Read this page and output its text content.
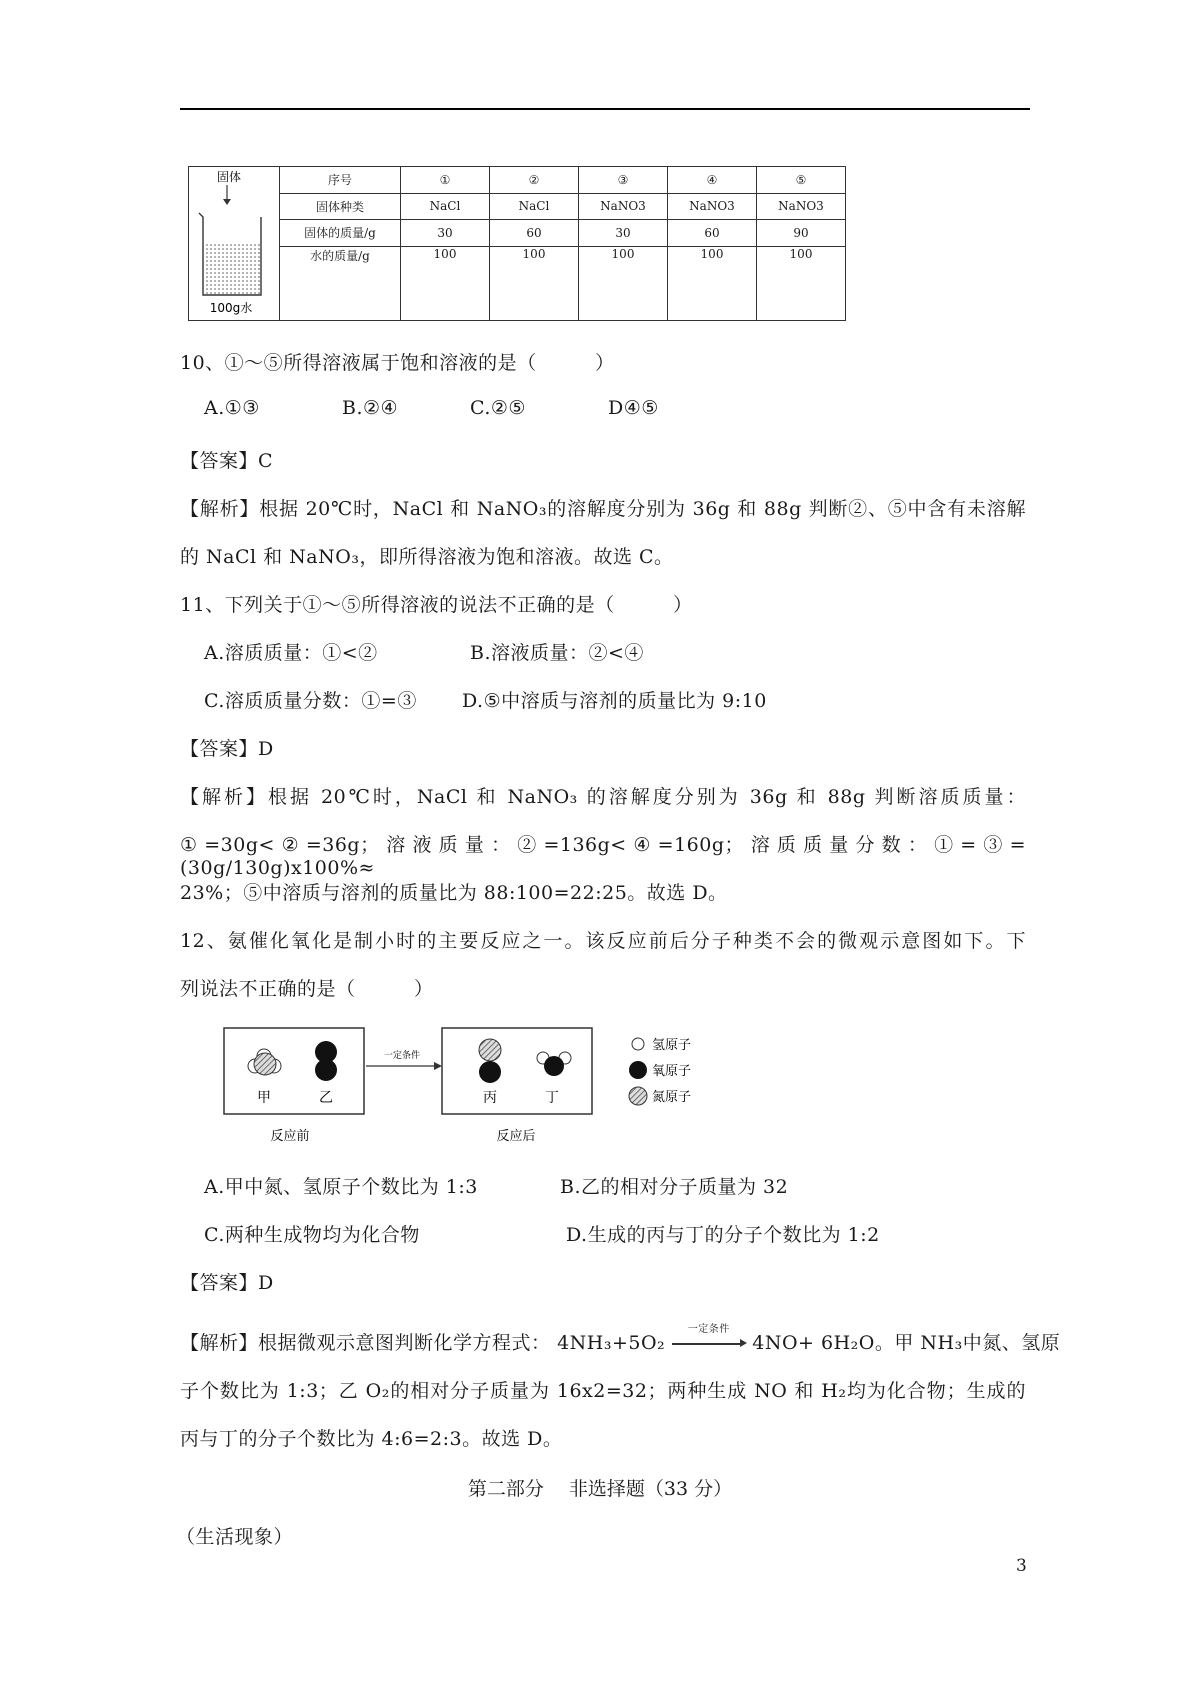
固体
100g水	序号	①	②	③	④	⑤
	固体种类	NaCl	NaCl	NaNO3	NaNO3	NaNO3
	固体的质量/g	30	60	30	60	90
	水的质量/g	100	100	100	100	100
10、①～⑤所得溶液属于饱和溶液的是（　　　）
A.①③	B.②④	C.②⑤	D④⑤
【答案】C
【解析】根据 20℃时，NaCl 和 NaNO₃的溶解度分别为 36g 和 88g 判断②、⑤中含有未溶解
的 NaCl 和 NaNO₃，即所得溶液为饱和溶液。故选 C。
11、下列关于①～⑤所得溶液的说法不正确的是（　　　）
A.溶质质量：①<②	B.溶液质量：②<④
C.溶质质量分数：①=③ D.⑤中溶质与溶剂的质量比为 9:10
【答案】D
【解析】根据 20℃时，NaCl 和 NaNO₃ 的溶解度分别为 36g 和 88g 判断溶质质量：
①=30g<②=36g；溶液质量：②=136g<④=160g；溶质质量分数：①=③=(30g/130g)x100%≈
23%；⑤中溶质与溶剂的质量比为 88:100=22:25。故选 D。
12、氨催化氧化是制小时的主要反应之一。该反应前后分子种类不会的微观示意图如下。下
列说法不正确的是（　　　）
甲	乙
一定条件
丙	丁
反应前	反应后
氢原子
氧原子
氮原子
A.甲中氮、氢原子个数比为 1:3	B.乙的相对分子质量为 32
C.两种生成物均为化合物	D.生成的丙与丁的分子个数比为 1:2
【答案】D
【解析】根据微观示意图判断化学方程式： 4NH₃+5O₂
一定条件
4NO+ 6H₂O。甲 NH₃中氮、氢原
子个数比为 1:3；乙 O₂的相对分子质量为 16x2=32；两种生成 NO 和 H₂均为化合物；生成的
丙与丁的分子个数比为 4:6=2:3。故选 D。
第二部分　 非选择题（33 分）
（生活现象）
3
